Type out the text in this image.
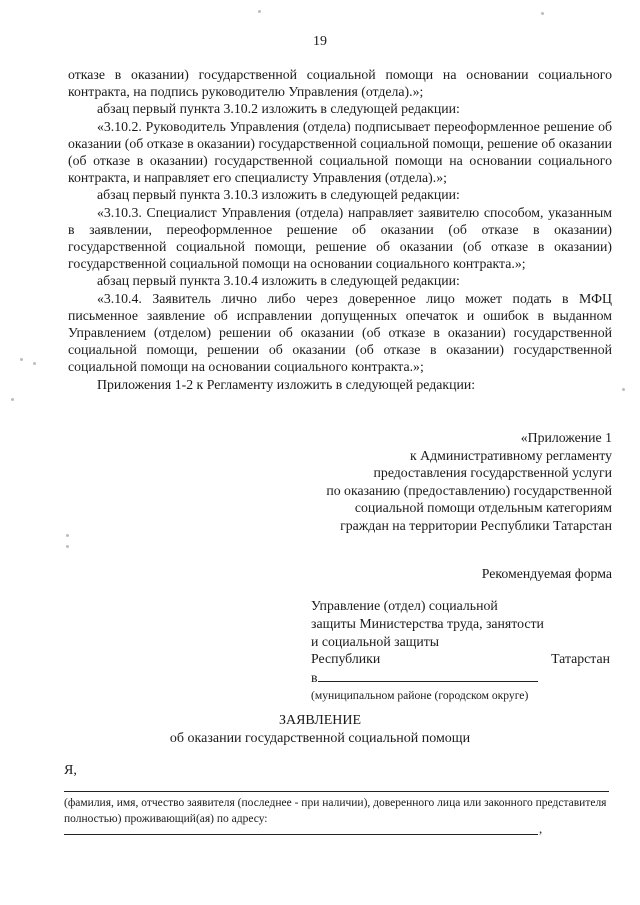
19

отказе в оказании) государственной социальной помощи на основании социального контракта, на подпись руководителю Управления (отдела).»;

абзац первый пункта 3.10.2 изложить в следующей редакции:

«3.10.2. Руководитель Управления (отдела) подписывает переоформленное решение об оказании (об отказе в оказании) государственной социальной помощи, решение об оказании (об отказе в оказании) государственной социальной помощи на основании социального контракта, и направляет его специалисту Управления (отдела).»;

абзац первый пункта 3.10.3 изложить в следующей редакции:

«3.10.3. Специалист Управления (отдела) направляет заявителю способом, указанным в заявлении, переоформленное решение об оказании (об отказе в оказании) государственной социальной помощи, решение об оказании (об отказе в оказании) государственной социальной помощи на основании социального контракта.»;

абзац первый пункта 3.10.4 изложить в следующей редакции:

«3.10.4. Заявитель лично либо через доверенное лицо может подать в МФЦ письменное заявление об исправлении допущенных опечаток и ошибок в выданном Управлением (отделом) решении об оказании (об отказе в оказании) государственной социальной помощи, решении об оказании (об отказе в оказании) государственной социальной помощи на основании социального контракта.»;

Приложения 1-2 к Регламенту изложить в следующей редакции:

«Приложение 1
к Административному регламенту
предоставления государственной услуги
по оказанию (предоставлению) государственной
социальной помощи отдельным категориям
граждан на территории Республики Татарстан
Рекомендуемая форма
Управление (отдел) социальной
защиты Министерства труда, занятости
и социальной защиты
Республики	Татарстан
в
(муниципальном районе (городском округе)
ЗАЯВЛЕНИЕ
об оказании государственной социальной помощи
Я,
(фамилия, имя, отчество заявителя (последнее - при наличии), доверенного лица или законного представителя полностью) проживающий(ая) по адресу:
,
